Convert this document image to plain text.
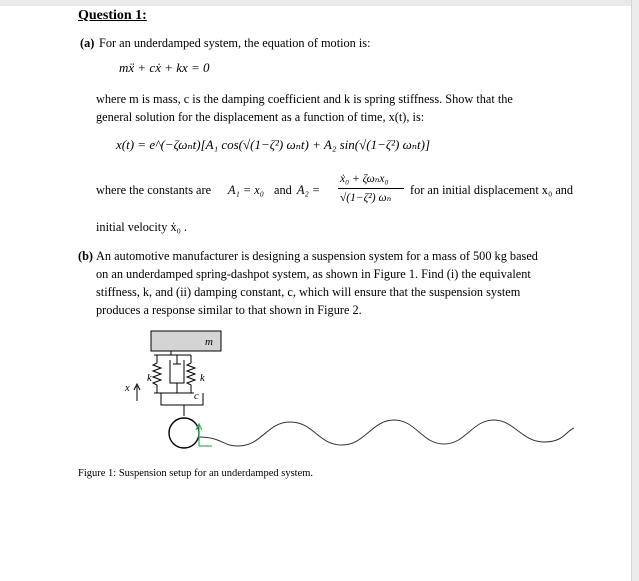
Question 1:
(a) For an underdamped system, the equation of motion is:
mẍ + cẋ + kx = 0
where m is mass, c is the damping coefficient and k is spring stiffness. Show that the
general solution for the displacement as a function of time, x(t), is:
x(t) = e^(−ζωₙt)[A₁ cos(√(1−ζ²) ωₙt) + A₂ sin(√(1−ζ²) ωₙt)]
where the constants are A₁ = x₀ and A₂ =
ẋ₀ + ζωₙx₀
√(1−ζ²) ωₙ
for an initial displacement x₀ and
initial velocity ẋ₀ .
(b) An automotive manufacturer is designing a suspension system for a mass of 500 kg based
on an underdamped spring-dashpot system, as shown in Figure 1. Find (i) the equivalent
stiffness, k, and (ii) damping constant, c, which will ensure that the suspension system
produces a response similar to that shown in Figure 2.
m
k
c
k
x
Figure 1: Suspension setup for an underdamped system.
